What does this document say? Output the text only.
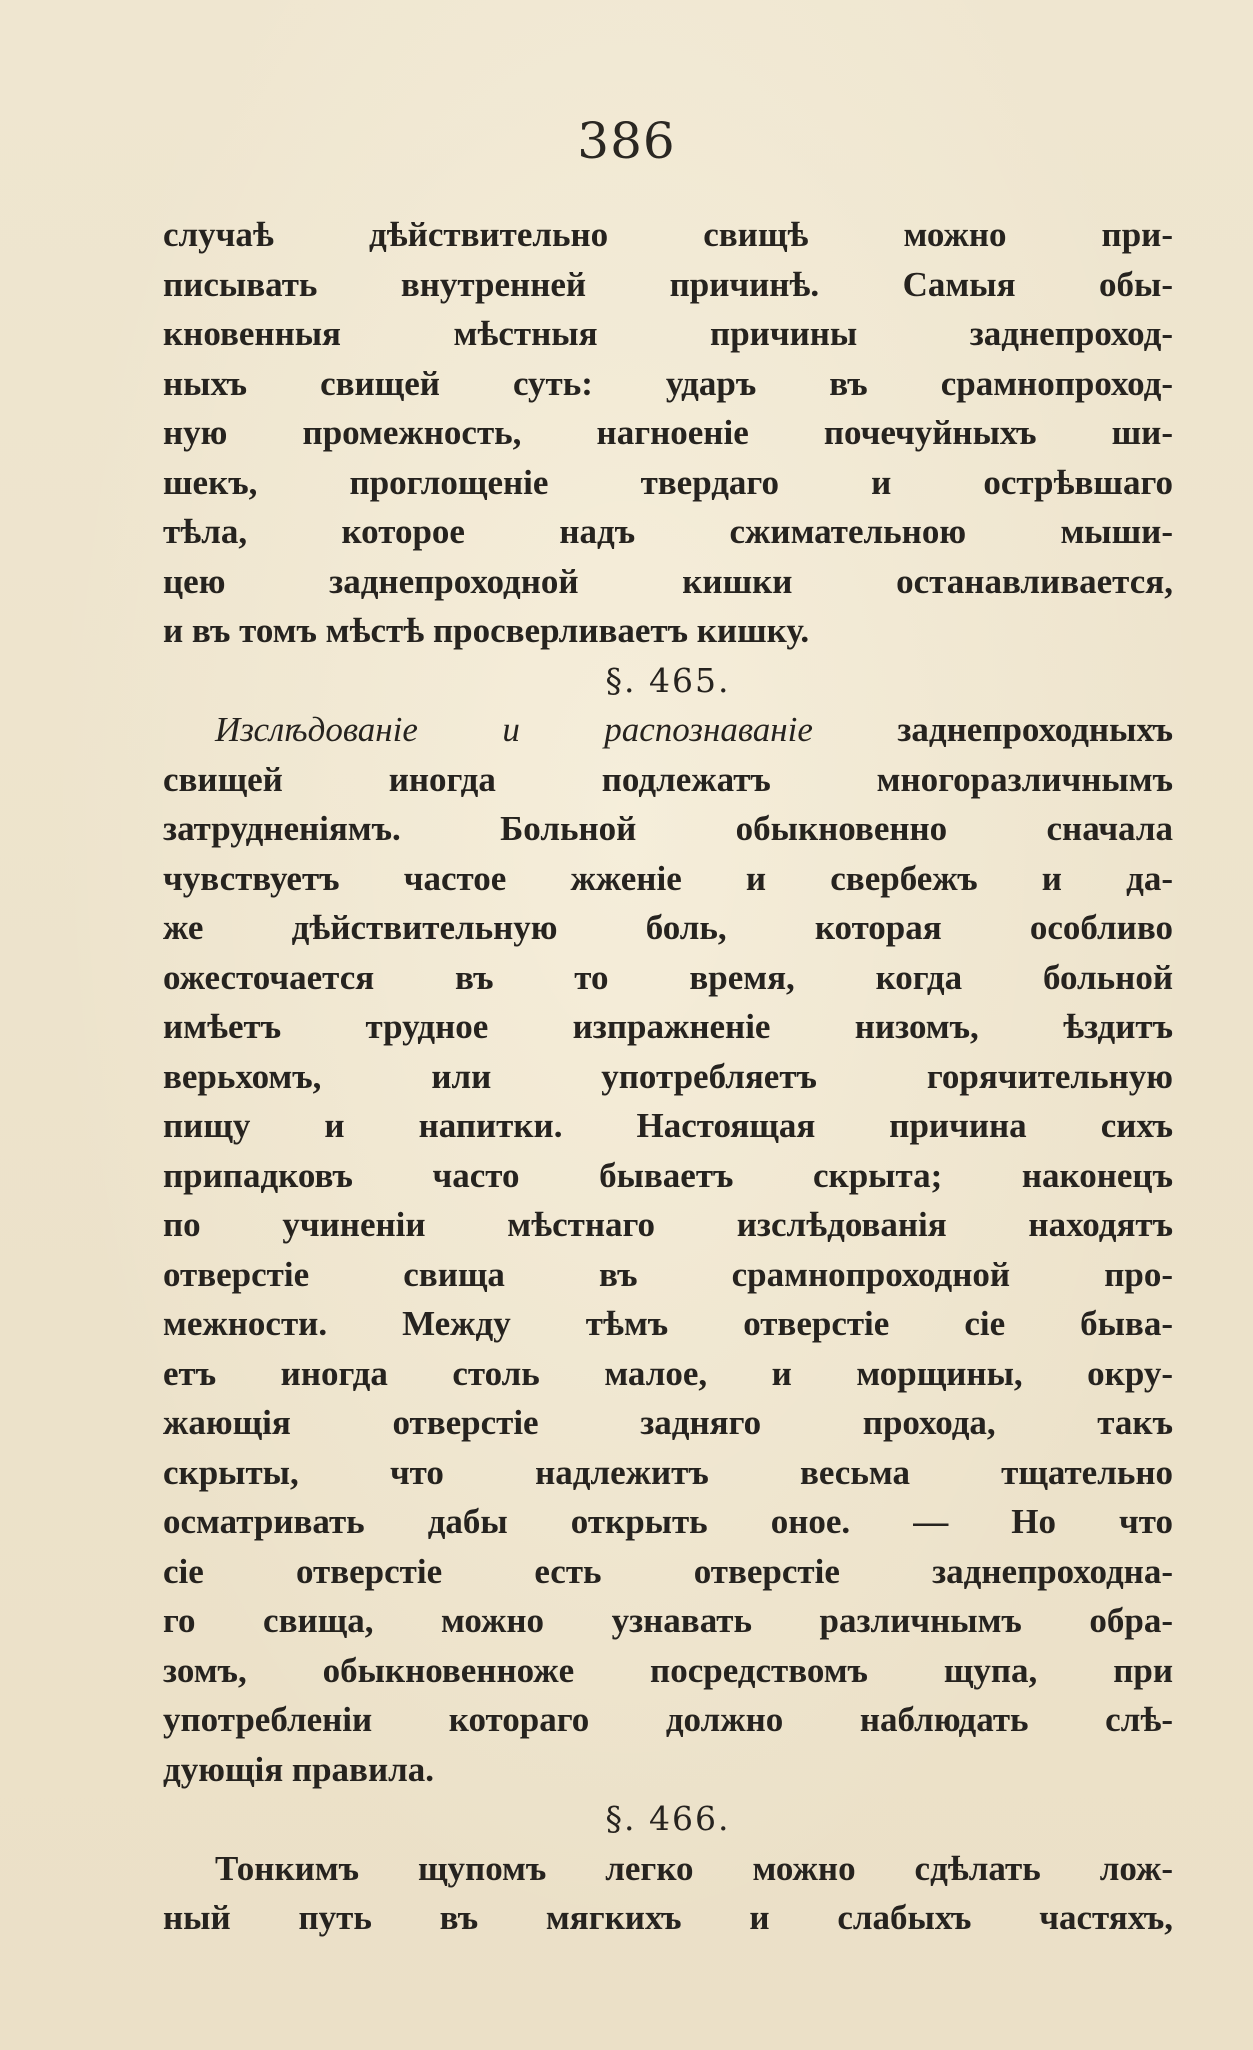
386
случаѣ дѣйствительно свищѣ можно при-
писывать внутренней причинѣ. Самыя обы-
кновенныя мѣстныя причины заднепроход-
ныхъ свищей суть: ударъ въ срамнопроход-
ную промежность, нагноеніе почечуйныхъ ши-
шекъ, проглощеніе твердаго и острѣвшаго
тѣла, которое надъ сжимательною мыши-
цею заднепроходной кишки останавливается,
и въ томъ мѣстѣ просверливаетъ кишку.
§. 465.
Изслѣдованіе и распознаваніе заднепроходныхъ
свищей иногда подлежатъ многоразличнымъ
затрудненіямъ. Больной обыкновенно сначала
чувствуетъ частое жженіе и свербежъ и да-
же дѣйствительную боль, которая особливо
ожесточается въ то время, когда больной
имѣетъ трудное изпражненіе низомъ, ѣздитъ
верьхомъ, или употребляетъ горячительную
пищу и напитки. Настоящая причина сихъ
припадковъ часто бываетъ скрыта; наконецъ
по учиненіи мѣстнаго изслѣдованія находятъ
отверстіе свища въ срамнопроходной про-
межности. Между тѣмъ отверстіе сіе быва-
етъ иногда столь малое, и морщины, окру-
жающія отверстіе задняго прохода, такъ
скрыты, что надлежитъ весьма тщательно
осматривать дабы открыть оное. — Но что
сіе отверстіе есть отверстіе заднепроходна-
го свища, можно узнавать различнымъ обра-
зомъ, обыкновенножe посредствомъ щупа, при
употребленіи котораго должно наблюдать слѣ-
дующія правила.
§. 466.
Тонкимъ щупомъ легко можно сдѣлать лож-
ный путь въ мягкихъ и слабыхъ частяхъ,
